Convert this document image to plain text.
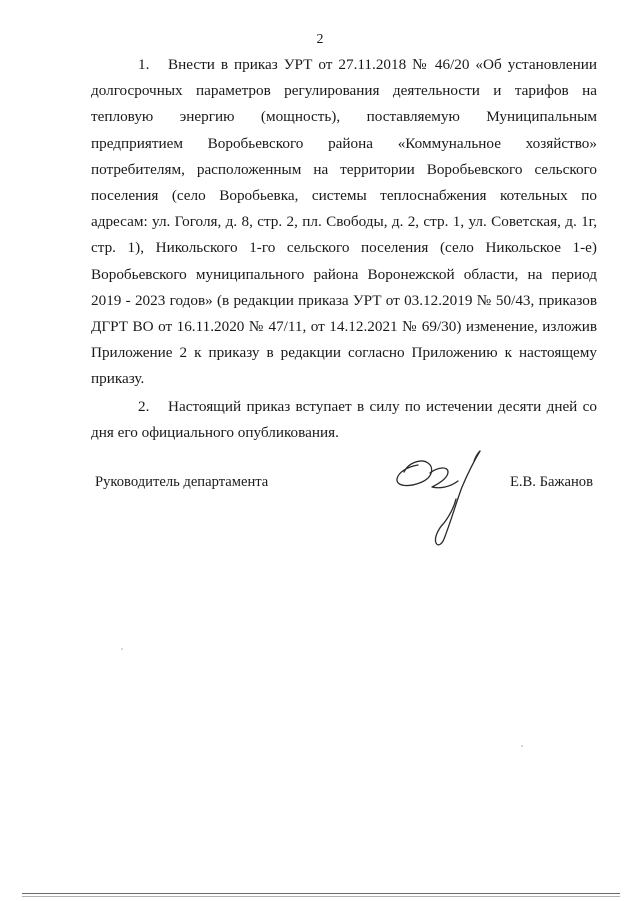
2

1. Внести в приказ УРТ от 27.11.2018 № 46/20 «Об установлении долгосрочных параметров регулирования деятельности и тарифов на тепловую энергию (мощность), поставляемую Муниципальным предприятием Воробьевского района «Коммунальное хозяйство» потребителям, расположенным на территории Воробьевского сельского поселения (село Воробьевка, системы теплоснабжения котельных по адресам: ул. Гоголя, д. 8, стр. 2, пл. Свободы, д. 2, стр. 1, ул. Советская, д. 1г, стр. 1), Никольского 1-го сельского поселения (село Никольское 1-е) Воробьевского муниципального района Воронежской области, на период 2019 - 2023 годов» (в редакции приказа УРТ от 03.12.2019 № 50/43, приказов ДГРТ ВО от 16.11.2020 № 47/11, от 14.12.2021 № 69/30) изменение, изложив Приложение 2 к приказу в редакции согласно Приложению к настоящему приказу.

2. Настоящий приказ вступает в силу по истечении десяти дней со дня его официального опубликования.

Руководитель департамента	Е.В. Бажанов
